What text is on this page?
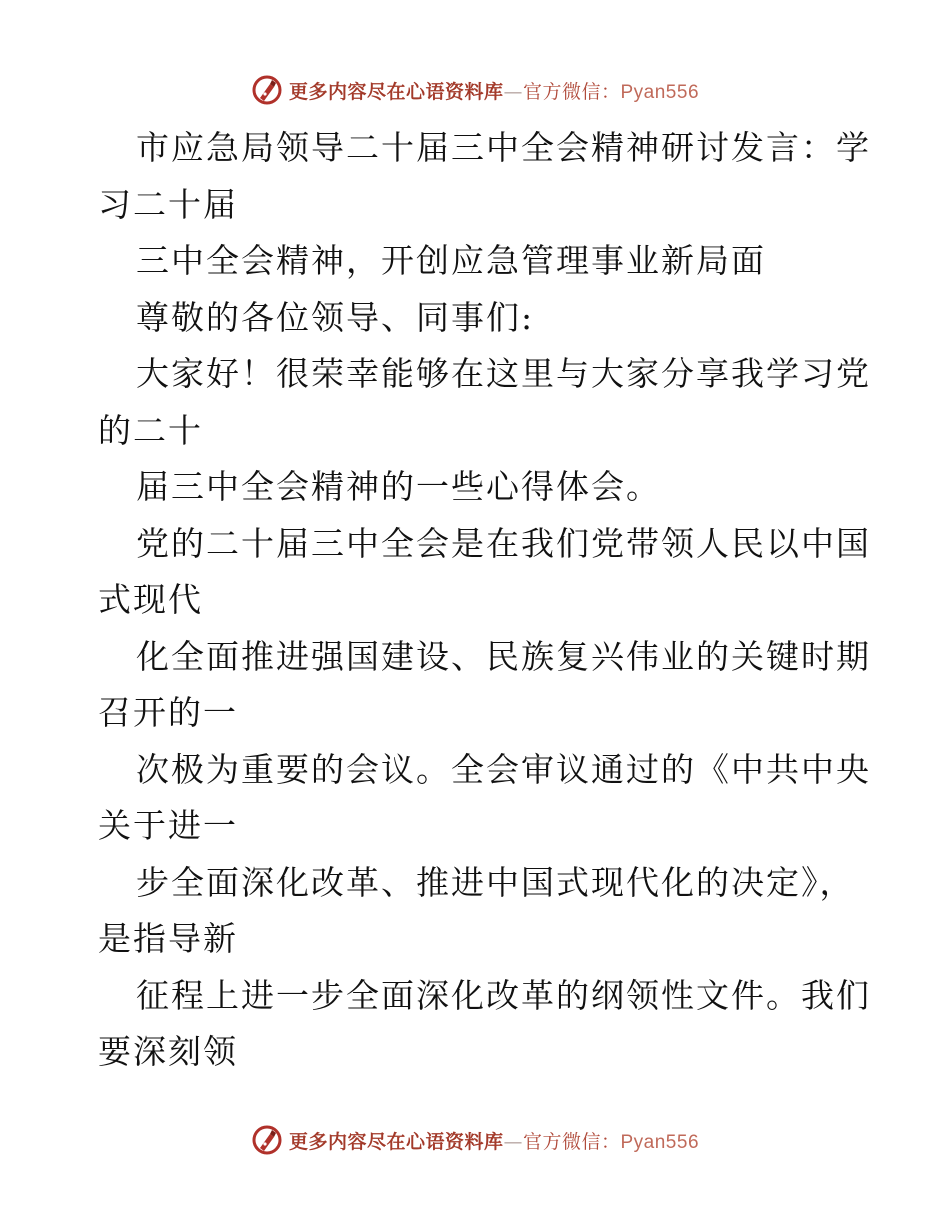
更多内容尽在心语资料库—官方微信：Pyan556
市应急局领导二十届三中全会精神研讨发言：学
习二十届
三中全会精神，开创应急管理事业新局面
尊敬的各位领导、同事们:
大家好！很荣幸能够在这里与大家分享我学习党
的二十
届三中全会精神的一些心得体会。
党的二十届三中全会是在我们党带领人民以中国
式现代
化全面推进强国建设、民族复兴伟业的关键时期
召开的一
次极为重要的会议。全会审议通过的《中共中央
关于进一
步全面深化改革、推进中国式现代化的决定》，
是指导新
征程上进一步全面深化改革的纲领性文件。我们
要深刻领
更多内容尽在心语资料库—官方微信：Pyan556
